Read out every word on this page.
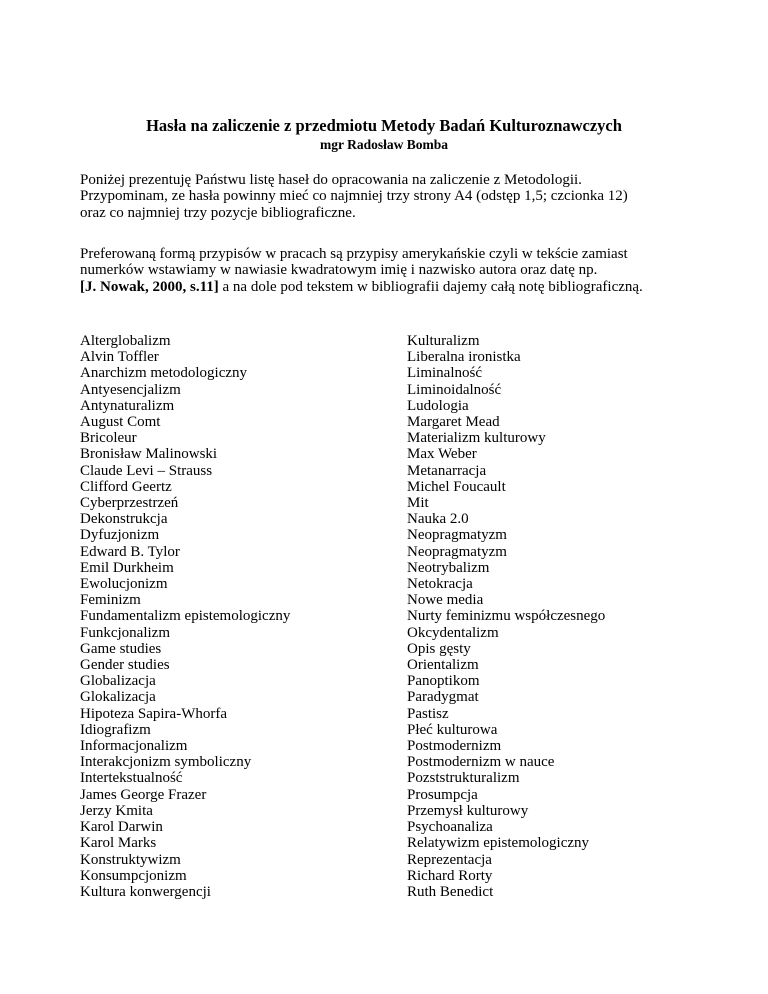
Hasła na zaliczenie z przedmiotu Metody Badań Kulturoznawczych
mgr Radosław Bomba
Poniżej prezentuję Państwu listę haseł do opracowania na zaliczenie z Metodologii.
Przypominam, ze hasła powinny mieć co najmniej trzy strony A4 (odstęp 1,5; czcionka 12)
oraz co najmniej trzy pozycje bibliograficzne.
Preferowaną formą przypisów w pracach są przypisy amerykańskie czyli w tekście zamiast
numerków wstawiamy w nawiasie kwadratowym imię i nazwisko autora oraz datę np.
[J. Nowak, 2000, s.11] a na dole pod tekstem w bibliografii dajemy całą notę bibliograficzną.
Alterglobalizm
Alvin Toffler
Anarchizm metodologiczny
Antyesencjalizm
Antynaturalizm
August Comt
Bricoleur
Bronisław Malinowski
Claude Levi – Strauss
Clifford Geertz
Cyberprzestrzeń
Dekonstrukcja
Dyfuzjonizm
Edward B. Tylor
Emil Durkheim
Ewolucjonizm
Feminizm
Fundamentalizm epistemologiczny
Funkcjonalizm
Game studies
Gender studies
Globalizacja
Glokalizacja
Hipoteza Sapira-Whorfa
Idiografizm
Informacjonalizm
Interakcjonizm symboliczny
Intertekstualność
James George Frazer
Jerzy Kmita
Karol Darwin
Karol Marks
Konstruktywizm
Konsumpcjonizm
Kultura konwergencji
Kulturalizm
Liberalna ironistka
Liminalność
Liminoidalność
Ludologia
Margaret Mead
Materializm kulturowy
Max Weber
Metanarracja
Michel Foucault
Mit
Nauka 2.0
Neopragmatyzm
Neopragmatyzm
Neotrybalizm
Netokracja
Nowe media
Nurty feminizmu współczesnego
Okcydentalizm
Opis gęsty
Orientalizm
Panoptikom
Paradygmat
Pastisz
Płeć kulturowa
Postmodernizm
Postmodernizm w nauce
Pozststrukturalizm
Prosumpcja
Przemysł kulturowy
Psychoanaliza
Relatywizm epistemologiczny
Reprezentacja
Richard Rorty
Ruth Benedict
